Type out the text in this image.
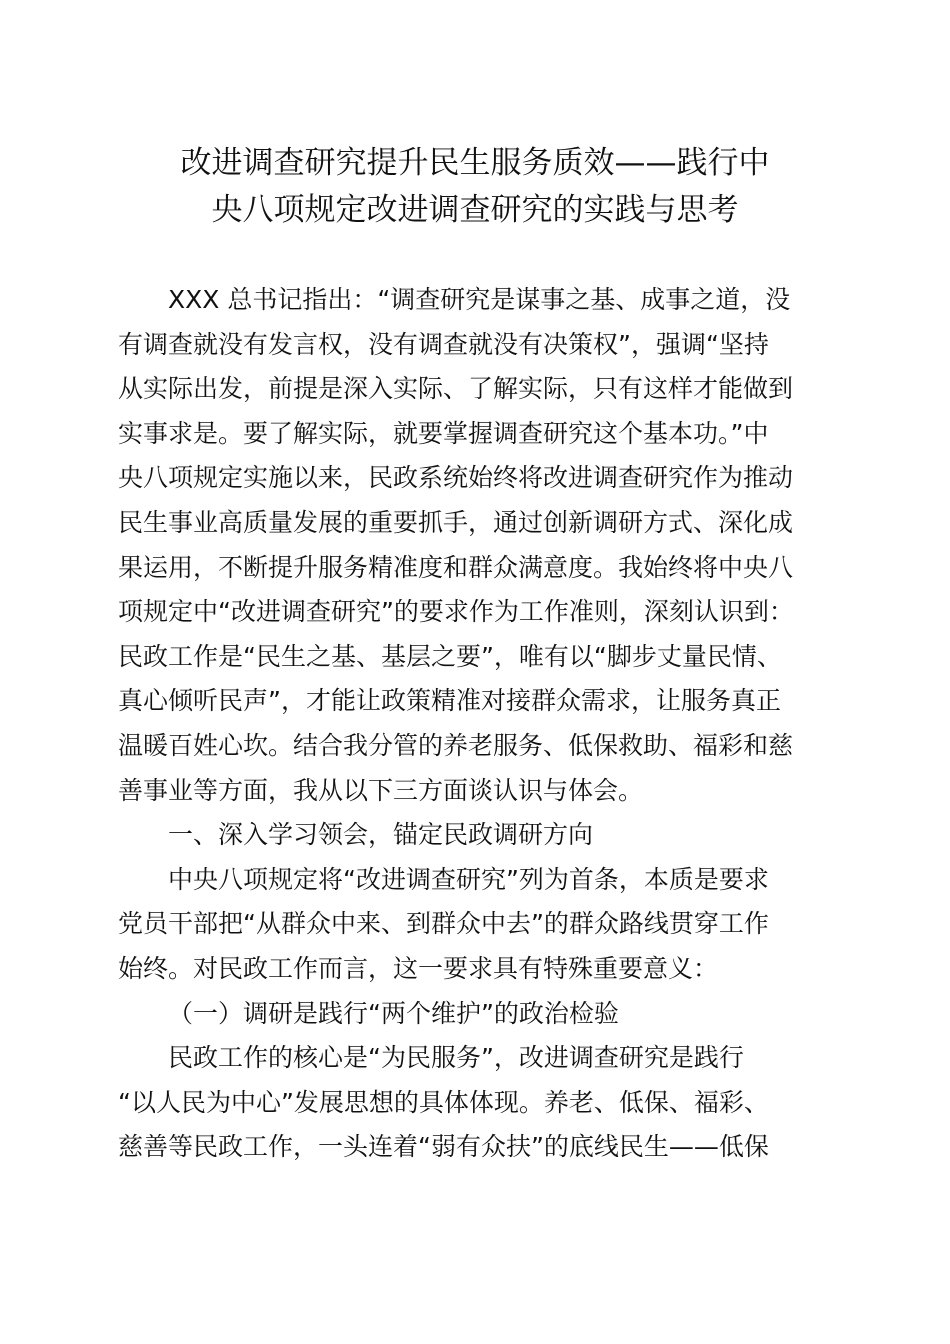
改进调查研究提升民生服务质效——践行中
央八项规定改进调查研究的实践与思考
XXX 总书记指出：“调查研究是谋事之基、成事之道，没
有调查就没有发言权，没有调查就没有决策权”，强调“坚持
从实际出发，前提是深入实际、了解实际，只有这样才能做到
实事求是。要了解实际，就要掌握调查研究这个基本功。”中
央八项规定实施以来，民政系统始终将改进调查研究作为推动
民生事业高质量发展的重要抓手，通过创新调研方式、深化成
果运用，不断提升服务精准度和群众满意度。我始终将中央八
项规定中“改进调查研究”的要求作为工作准则，深刻认识到：
民政工作是“民生之基、基层之要”，唯有以“脚步丈量民情、
真心倾听民声”，才能让政策精准对接群众需求，让服务真正
温暖百姓心坎。结合我分管的养老服务、低保救助、福彩和慈
善事业等方面，我从以下三方面谈认识与体会。
一、深入学习领会，锚定民政调研方向
中央八项规定将“改进调查研究”列为首条，本质是要求
党员干部把“从群众中来、到群众中去”的群众路线贯穿工作
始终。对民政工作而言，这一要求具有特殊重要意义：
（一）调研是践行“两个维护”的政治检验
民政工作的核心是“为民服务”，改进调查研究是践行
“以人民为中心”发展思想的具体体现。养老、低保、福彩、
慈善等民政工作，一头连着“弱有众扶”的底线民生——低保
